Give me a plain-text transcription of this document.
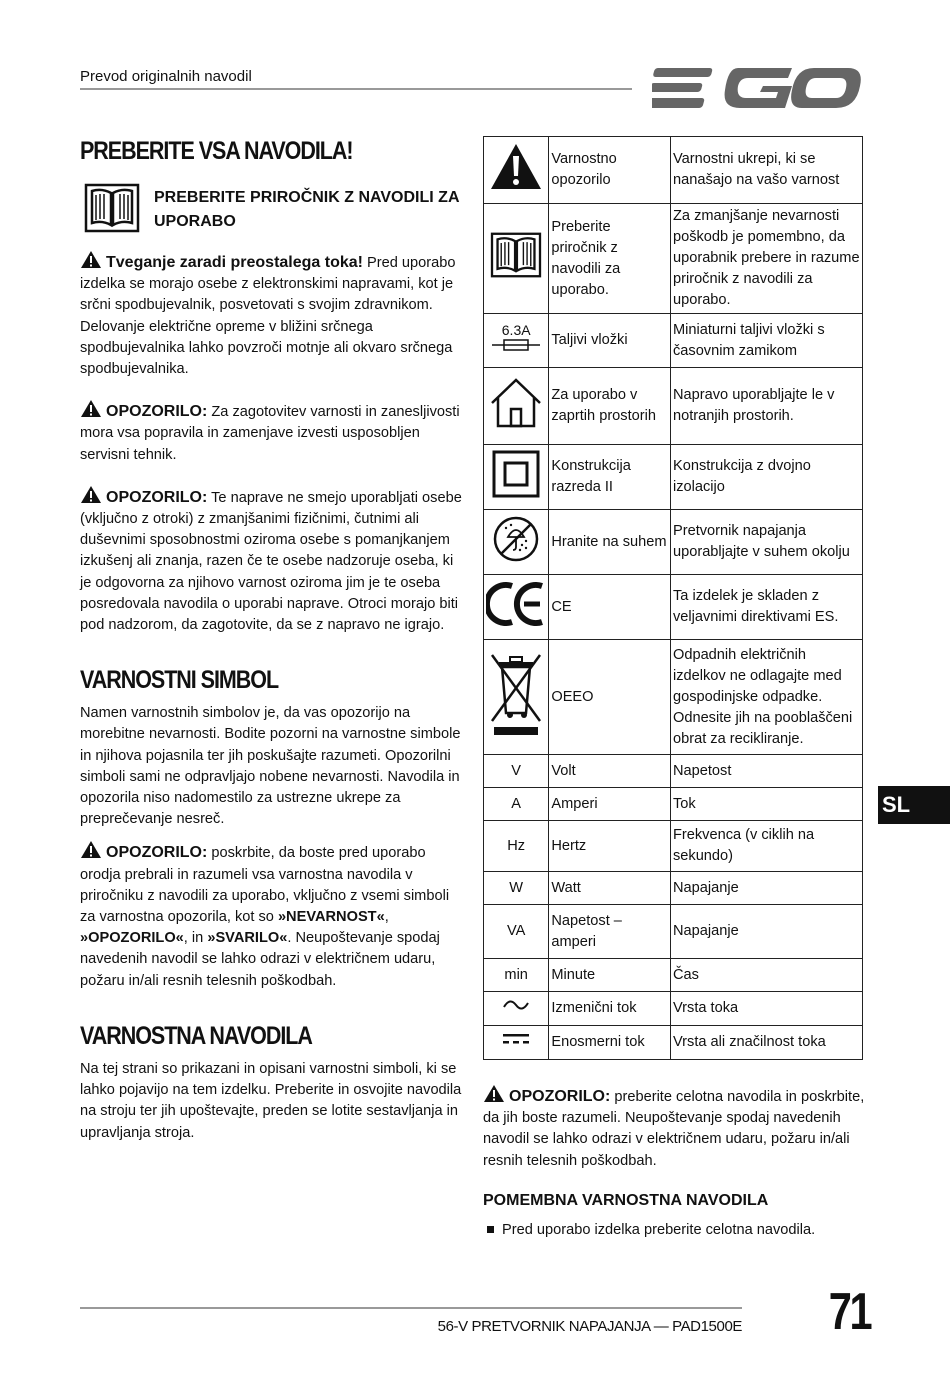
Prevod originalnih navodil
PREBERITE VSA NAVODILA!
PREBERITE PRIROČNIK Z NAVODILI ZA UPORABO

Tveganje zaradi preostalega toka! Pred uporabo izdelka se morajo osebe z elektronskimi napravami, kot je srčni spodbujevalnik, posvetovati s svojim zdravnikom. Delovanje električne opreme v bližini srčnega spodbujevalnika lahko povzroči motnje ali okvaro srčnega spodbujevalnika.

OPOZORILO: Za zagotovitev varnosti in zanesljivosti mora vsa popravila in zamenjave izvesti usposobljen servisni tehnik.

OPOZORILO: Te naprave ne smejo uporabljati osebe (vključno z otroki) z zmanjšanimi fizičnimi, čutnimi ali duševnimi sposobnostmi oziroma osebe s pomanjkanjem izkušenj ali znanja, razen če te osebe nadzoruje oseba, ki je odgovorna za njihovo varnost oziroma jim je te oseba posredovala navodila o uporabi naprave. Otroci morajo biti pod nadzorom, da zagotovite, da se z napravo ne igrajo.

VARNOSTNI SIMBOL

Namen varnostnih simbolov je, da vas opozorijo na morebitne nevarnosti. Bodite pozorni na varnostne simbole in njihova pojasnila ter jih poskušajte razumeti. Opozorilni simboli sami ne odpravljajo nobene nevarnosti. Navodila in opozorila niso nadomestilo za ustrezne ukrepe za preprečevanje nesreč.

OPOZORILO: poskrbite, da boste pred uporabo orodja prebrali in razumeli vsa varnostna navodila v priročniku z navodili za uporabo, vključno z vsemi simboli za varnostna opozorila, kot so »NEVARNOST«, »OPOZORILO«, in »SVARILO«. Neupoštevanje spodaj navedenih navodil se lahko odrazi v električnem udaru, požaru in/ali resnih telesnih poškodbah.

VARNOSTNA NAVODILA

Na tej strani so prikazani in opisani varnostni simboli, ki se lahko pojavijo na tem izdelku. Preberite in osvojite navodila na stroju ter jih upoštevajte, preden se lotite sestavljanja in upravljanja stroja.

	Varnostno opozorilo	Varnostni ukrepi, ki se nanašajo na vašo varnost
	Preberite priročnik z navodili za uporabo.	Za zmanjšanje nevarnosti poškodb je pomembno, da uporabnik prebere in razume priročnik z navodili za uporabo.

6.3A	Taljivi vložki	Miniaturni taljivi vložki s časovnim zamikom
	Za uporabo v zaprtih prostorih	Napravo uporabljajte le v notranjih prostorih.
	Konstrukcija razreda II	Konstrukcija z dvojno izolacijo
	Hranite na suhem	Pretvornik napajanja uporabljajte v suhem okolju
	CE	Ta izdelek je skladen z veljavnimi direktivami ES.
	OEEO	Odpadnih električnih izdelkov ne odlagajte med gospodinjske odpadke. Odnesite jih na pooblaščeni obrat za recikliranje.
V	Volt	Napetost
A	Amperi	Tok
Hz	Hertz	Frekvenca (v ciklih na sekundo)
W	Watt	Napajanje
VA	Napetost – amperi	Napajanje
min	Minute	Čas
	Izmenični tok	Vrsta toka
	Enosmerni tok	Vrsta ali značilnost toka

OPOZORILO: preberite celotna navodila in poskrbite, da jih boste razumeli. Neupoštevanje spodaj navedenih navodil se lahko odrazi v električnem udaru, požaru in/ali resnih telesnih poškodbah.

POMEMBNA VARNOSTNA NAVODILA
Pred uporabo izdelka preberite celotna navodila.
SL
56-V PRETVORNIK NAPAJANJA — PAD1500E 71
